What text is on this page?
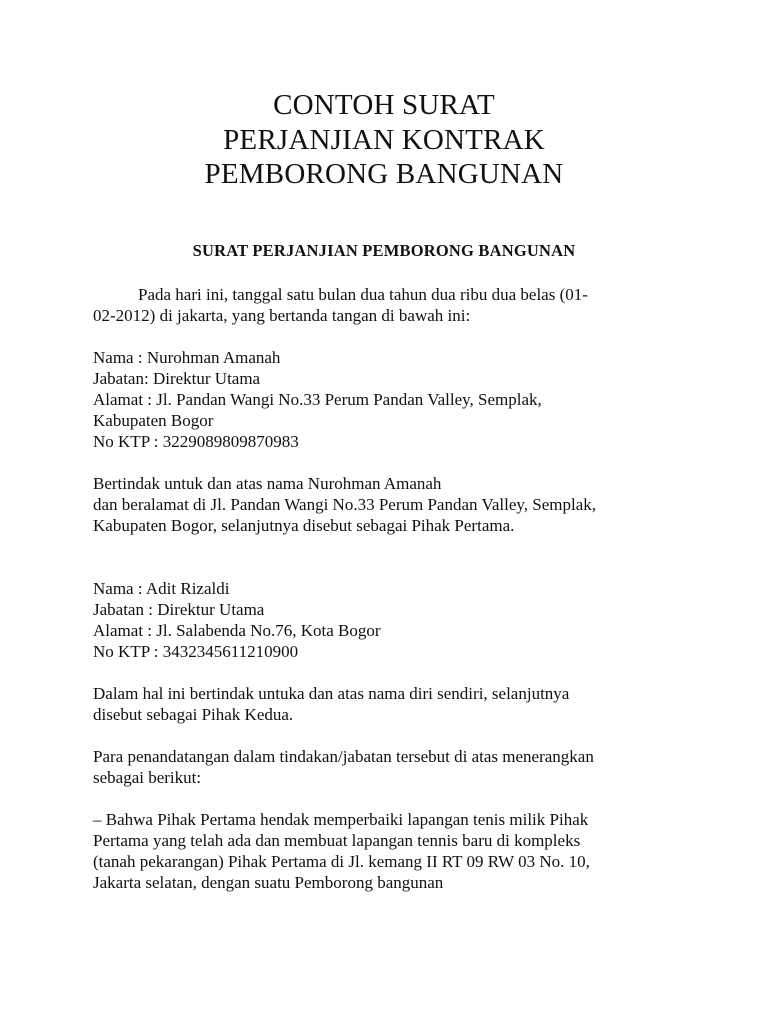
CONTOH SURAT
PERJANJIAN KONTRAK
PEMBORONG BANGUNAN
SURAT PERJANJIAN PEMBORONG BANGUNAN
Pada hari ini, tanggal satu bulan dua tahun dua ribu dua belas (01-
02-2012) di jakarta, yang bertanda tangan di bawah ini:
Nama : Nurohman Amanah
Jabatan: Direktur Utama
Alamat : Jl. Pandan Wangi No.33 Perum Pandan Valley, Semplak,
Kabupaten Bogor
No KTP : 3229089809870983
Bertindak untuk dan atas nama Nurohman Amanah
dan beralamat di Jl. Pandan Wangi No.33 Perum Pandan Valley, Semplak,
Kabupaten Bogor, selanjutnya disebut sebagai Pihak Pertama.
Nama : Adit Rizaldi
Jabatan : Direktur Utama
Alamat : Jl. Salabenda No.76, Kota Bogor
No KTP : 3432345611210900
Dalam hal ini bertindak untuka dan atas nama diri sendiri, selanjutnya
disebut sebagai Pihak Kedua.
Para penandatangan dalam tindakan/jabatan tersebut di atas menerangkan
sebagai berikut:
– Bahwa Pihak Pertama hendak memperbaiki lapangan tenis milik Pihak
Pertama yang telah ada dan membuat lapangan tennis baru di kompleks
(tanah pekarangan) Pihak Pertama di Jl. kemang II RT 09 RW 03 No. 10,
Jakarta selatan, dengan suatu Pemborong bangunan
